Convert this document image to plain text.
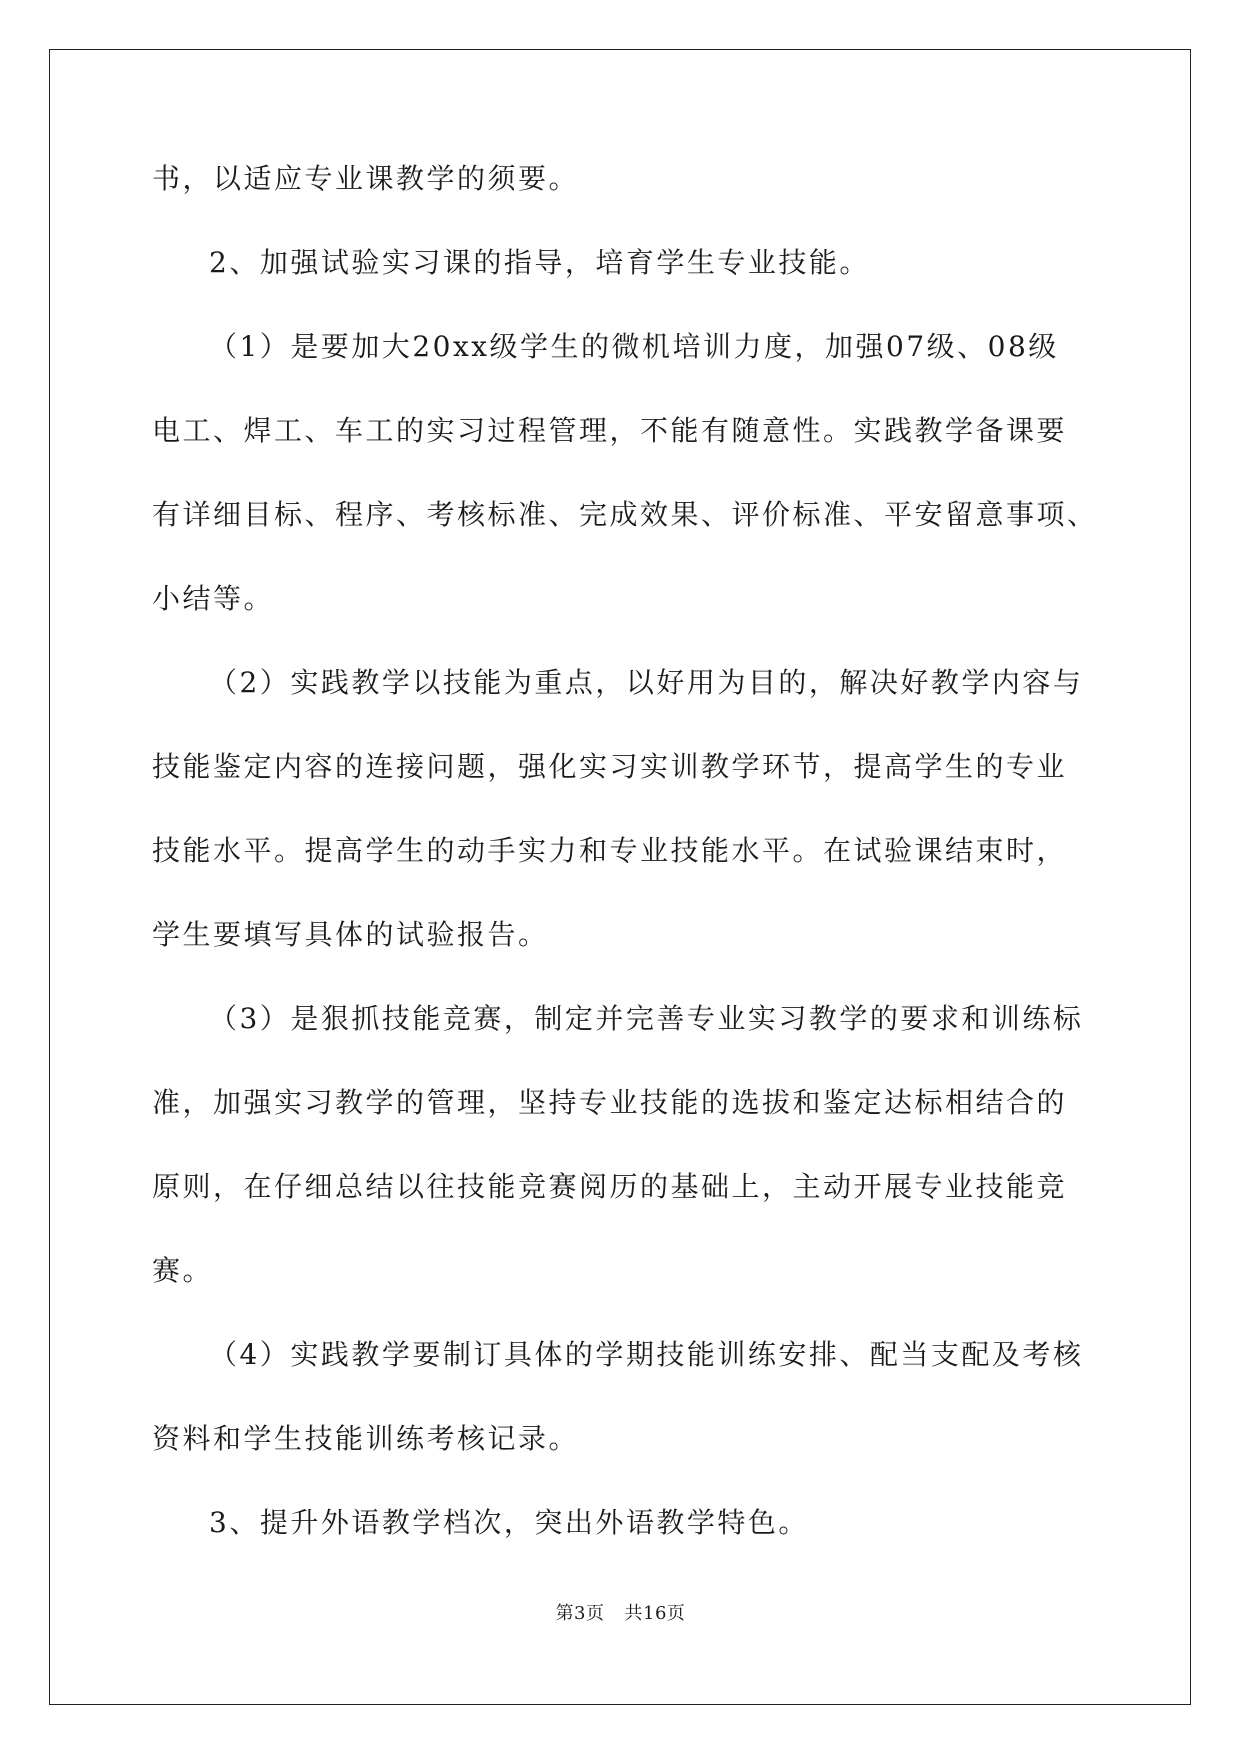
书，以适应专业课教学的须要。
2、加强试验实习课的指导，培育学生专业技能。
（1）是要加大20xx级学生的微机培训力度，加强07级、08级
电工、焊工、车工的实习过程管理，不能有随意性。实践教学备课要
有详细目标、程序、考核标准、完成效果、评价标准、平安留意事项、
小结等。
（2）实践教学以技能为重点，以好用为目的，解决好教学内容与
技能鉴定内容的连接问题，强化实习实训教学环节，提高学生的专业
技能水平。提高学生的动手实力和专业技能水平。在试验课结束时，
学生要填写具体的试验报告。
（3）是狠抓技能竞赛，制定并完善专业实习教学的要求和训练标
准，加强实习教学的管理，坚持专业技能的选拔和鉴定达标相结合的
原则，在仔细总结以往技能竞赛阅历的基础上，主动开展专业技能竞
赛。
（4）实践教学要制订具体的学期技能训练安排、配当支配及考核
资料和学生技能训练考核记录。
3、提升外语教学档次，突出外语教学特色。
第3页 共16页
